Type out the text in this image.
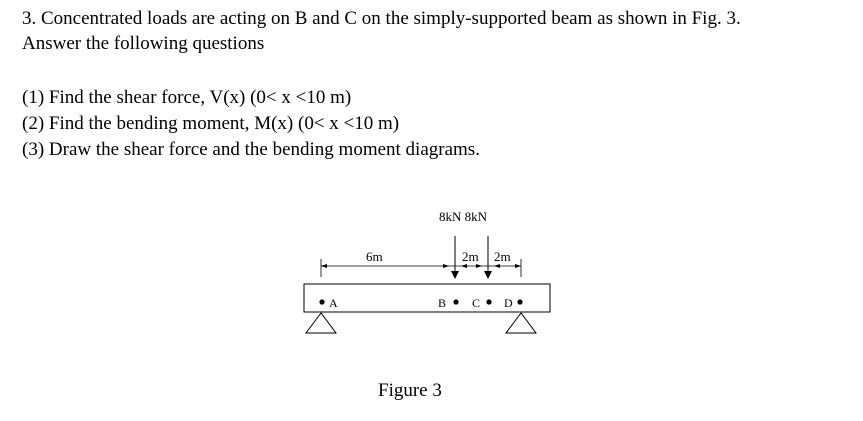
3. Concentrated loads are acting on B and C on the simply-supported beam as shown in Fig. 3.

Answer the following questions

(1) Find the shear force, V(x) (0< x <10 m)

(2) Find the bending moment, M(x) (0< x <10 m)

(3) Draw the shear force and the bending moment diagrams.

8kN 8kN
6m	2m 2m
A	B C D
Figure 3
